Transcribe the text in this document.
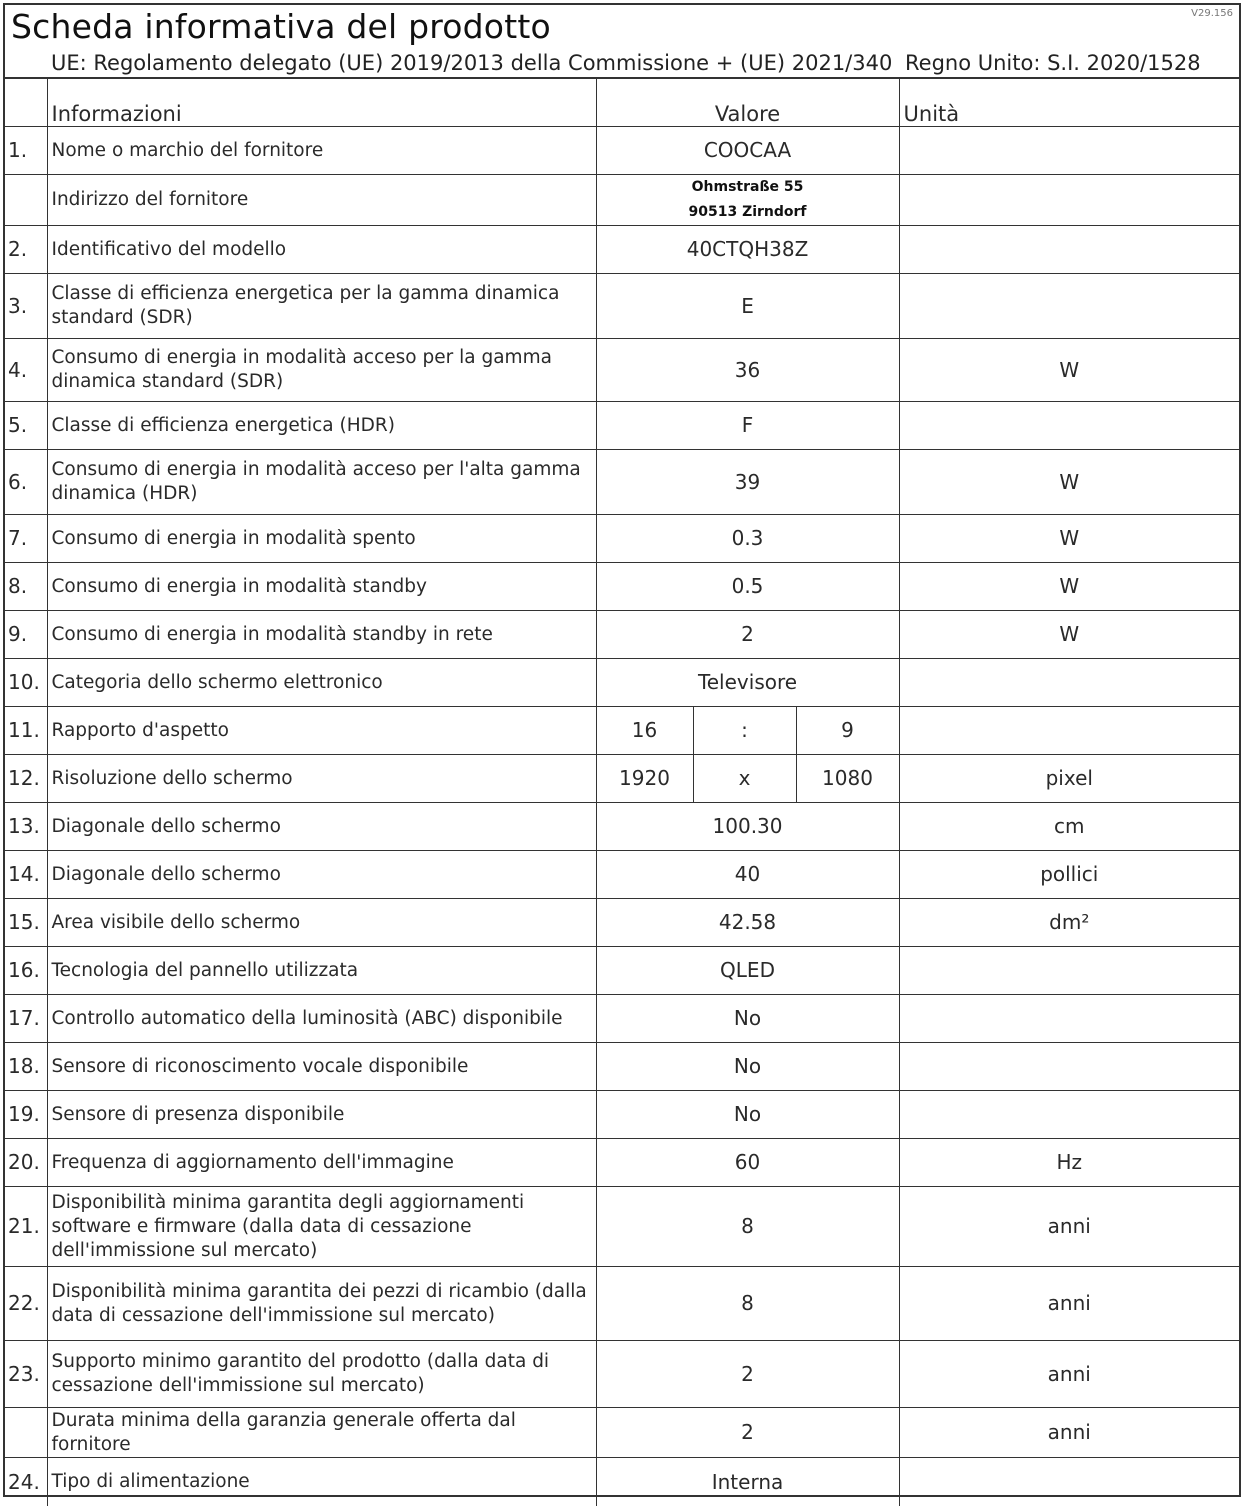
Scheda informativa del prodotto	V29.156
UE: Regolamento delegato (UE) 2019/2013 della Commissione + (UE) 2021/340 Regno Unito: S.I. 2020/1528
	Informazioni	Valore			Unità
1.	Nome o marchio del fornitore	COOCAA			
	Indirizzo del fornitore	Ohmstraße 55
90513 Zirndorf			

2.	Identificativo del modello	40CTQH38Z			
3.	Classe di efficienza energetica per la gamma dinamica standard (SDR)	E			
4.	Consumo di energia in modalità acceso per la gamma dinamica standard (SDR)	36			W
5.	Classe di efficienza energetica (HDR)	F			
6.	Consumo di energia in modalità acceso per l'alta gamma dinamica (HDR)	39			W
7.	Consumo di energia in modalità spento	0.3			W
8.	Consumo di energia in modalità standby	0.5			W
9.	Consumo di energia in modalità standby in rete	2			W
10.	Categoria dello schermo elettronico	Televisore			
11.	Rapporto d'aspetto	16	:	9	
12.	Risoluzione dello schermo	1920	x	1080	pixel
13.	Diagonale dello schermo	100.30			cm
14.	Diagonale dello schermo	40			pollici
15.	Area visibile dello schermo	42.58			dm²
16.	Tecnologia del pannello utilizzata	QLED			
17.	Controllo automatico della luminosità (ABC) disponibile	No			
18.	Sensore di riconoscimento vocale disponibile	No			
19.	Sensore di presenza disponibile	No			
20.	Frequenza di aggiornamento dell'immagine	60			Hz
21.	Disponibilità minima garantita degli aggiornamenti software e firmware (dalla data di cessazione dell'immissione sul mercato)	8			anni
22.	Disponibilità minima garantita dei pezzi di ricambio (dalla data di cessazione dell'immissione sul mercato)	8			anni
23.	Supporto minimo garantito del prodotto (dalla data di cessazione dell'immissione sul mercato)	2			anni
	Durata minima della garanzia generale offerta dal fornitore	2			anni
24.	Tipo di alimentazione	Interna			
